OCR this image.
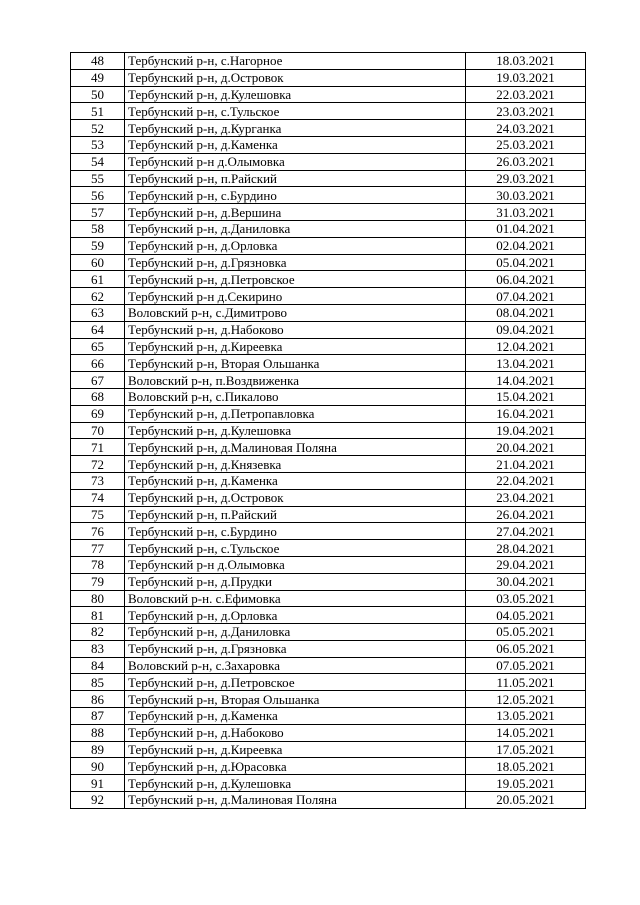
48	Тербунский р-н, с.Нагорное	18.03.2021
49	Тербунский р-н, д.Островок	19.03.2021
50	Тербунский р-н, д.Кулешовка	22.03.2021
51	Тербунский р-н, с.Тульское	23.03.2021
52	Тербунский р-н, д.Курганка	24.03.2021
53	Тербунский р-н, д.Каменка	25.03.2021
54	Тербунский р-н д.Олымовка	26.03.2021
55	Тербунский р-н, п.Райский	29.03.2021
56	Тербунский р-н, с.Бурдино	30.03.2021
57	Тербунский р-н, д.Вершина	31.03.2021
58	Тербунский р-н, д.Даниловка	01.04.2021
59	Тербунский р-н, д.Орловка	02.04.2021
60	Тербунский р-н, д.Грязновка	05.04.2021
61	Тербунский р-н, д.Петровское	06.04.2021
62	Тербунский р-н д.Секирино	07.04.2021
63	Воловский р-н, с.Димитрово	08.04.2021
64	Тербунский р-н, д.Набоково	09.04.2021
65	Тербунский р-н, д.Киреевка	12.04.2021
66	Тербунский р-н, Вторая Ольшанка	13.04.2021
67	Воловский р-н, п.Воздвиженка	14.04.2021
68	Воловский р-н, с.Пикалово	15.04.2021
69	Тербунский р-н, д.Петропавловка	16.04.2021
70	Тербунский р-н, д.Кулешовка	19.04.2021
71	Тербунский р-н, д.Малиновая Поляна	20.04.2021
72	Тербунский р-н, д.Князевка	21.04.2021
73	Тербунский р-н, д.Каменка	22.04.2021
74	Тербунский р-н, д.Островок	23.04.2021
75	Тербунский р-н, п.Райский	26.04.2021
76	Тербунский р-н, с.Бурдино	27.04.2021
77	Тербунский р-н, с.Тульское	28.04.2021
78	Тербунский р-н д.Олымовка	29.04.2021
79	Тербунский р-н, д.Прудки	30.04.2021
80	Воловский р-н. с.Ефимовка	03.05.2021
81	Тербунский р-н, д.Орловка	04.05.2021
82	Тербунский р-н, д.Даниловка	05.05.2021
83	Тербунский р-н, д.Грязновка	06.05.2021
84	Воловский р-н, с.Захаровка	07.05.2021
85	Тербунский р-н, д.Петровское	11.05.2021
86	Тербунский р-н, Вторая Ольшанка	12.05.2021
87	Тербунский р-н, д.Каменка	13.05.2021
88	Тербунский р-н, д.Набоково	14.05.2021
89	Тербунский р-н, д.Киреевка	17.05.2021
90	Тербунский р-н, д.Юрасовка	18.05.2021
91	Тербунский р-н, д.Кулешовка	19.05.2021
92	Тербунский р-н, д.Малиновая Поляна	20.05.2021
